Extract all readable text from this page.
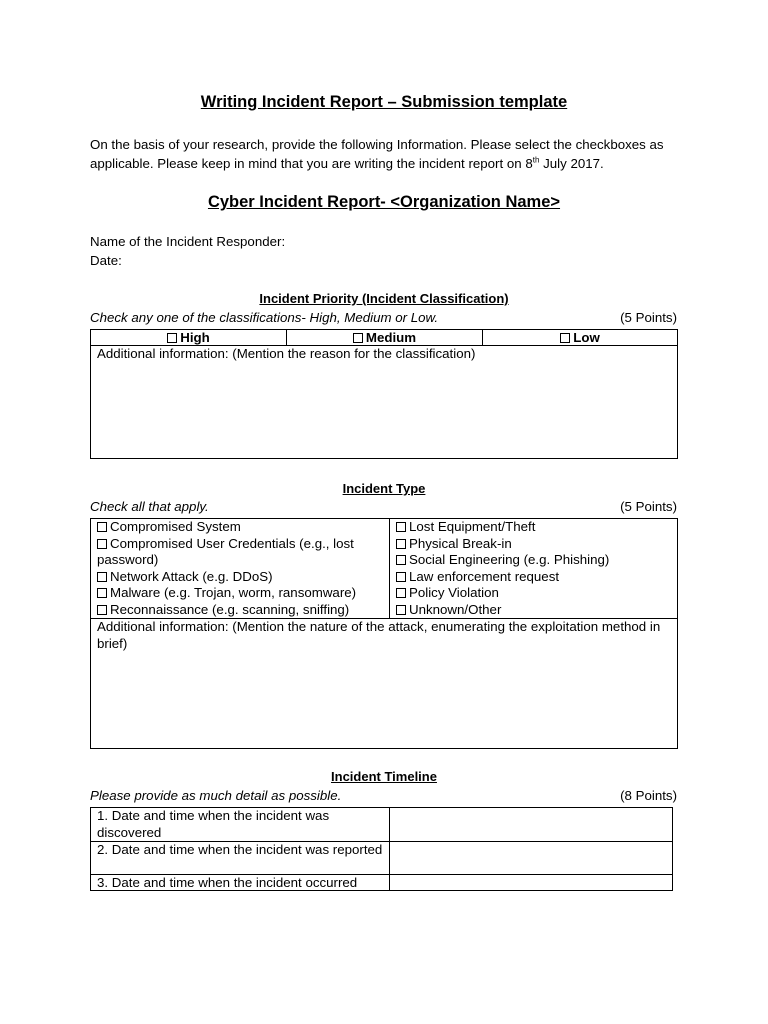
Writing Incident Report – Submission template
On the basis of your research, provide the following Information. Please select the checkboxes as applicable. Please keep in mind that you are writing the incident report on 8th July 2017.
Cyber Incident Report- <Organization Name>
Name of the Incident Responder:
Date:
Incident Priority (Incident Classification)
Check any one of the classifications- High, Medium or Low.	(5 Points)
High	Medium	Low
Additional information: (Mention the reason for the classification)
Incident Type
Check all that apply.	(5 Points)
Compromised System
Compromised User Credentials (e.g., lost password)
Network Attack (e.g. DDoS)
Malware (e.g. Trojan, worm, ransomware)
Reconnaissance (e.g. scanning, sniffing)

Lost Equipment/Theft
Physical Break-in
Social Engineering (e.g. Phishing)
Law enforcement request
Policy Violation
Unknown/Other

Additional information: (Mention the nature of the attack, enumerating the exploitation method in brief)
Incident Timeline
Please provide as much detail as possible.	(8 Points)
1. Date and time when the incident was discovered	
2. Date and time when the incident was reported	
3. Date and time when the incident occurred	
